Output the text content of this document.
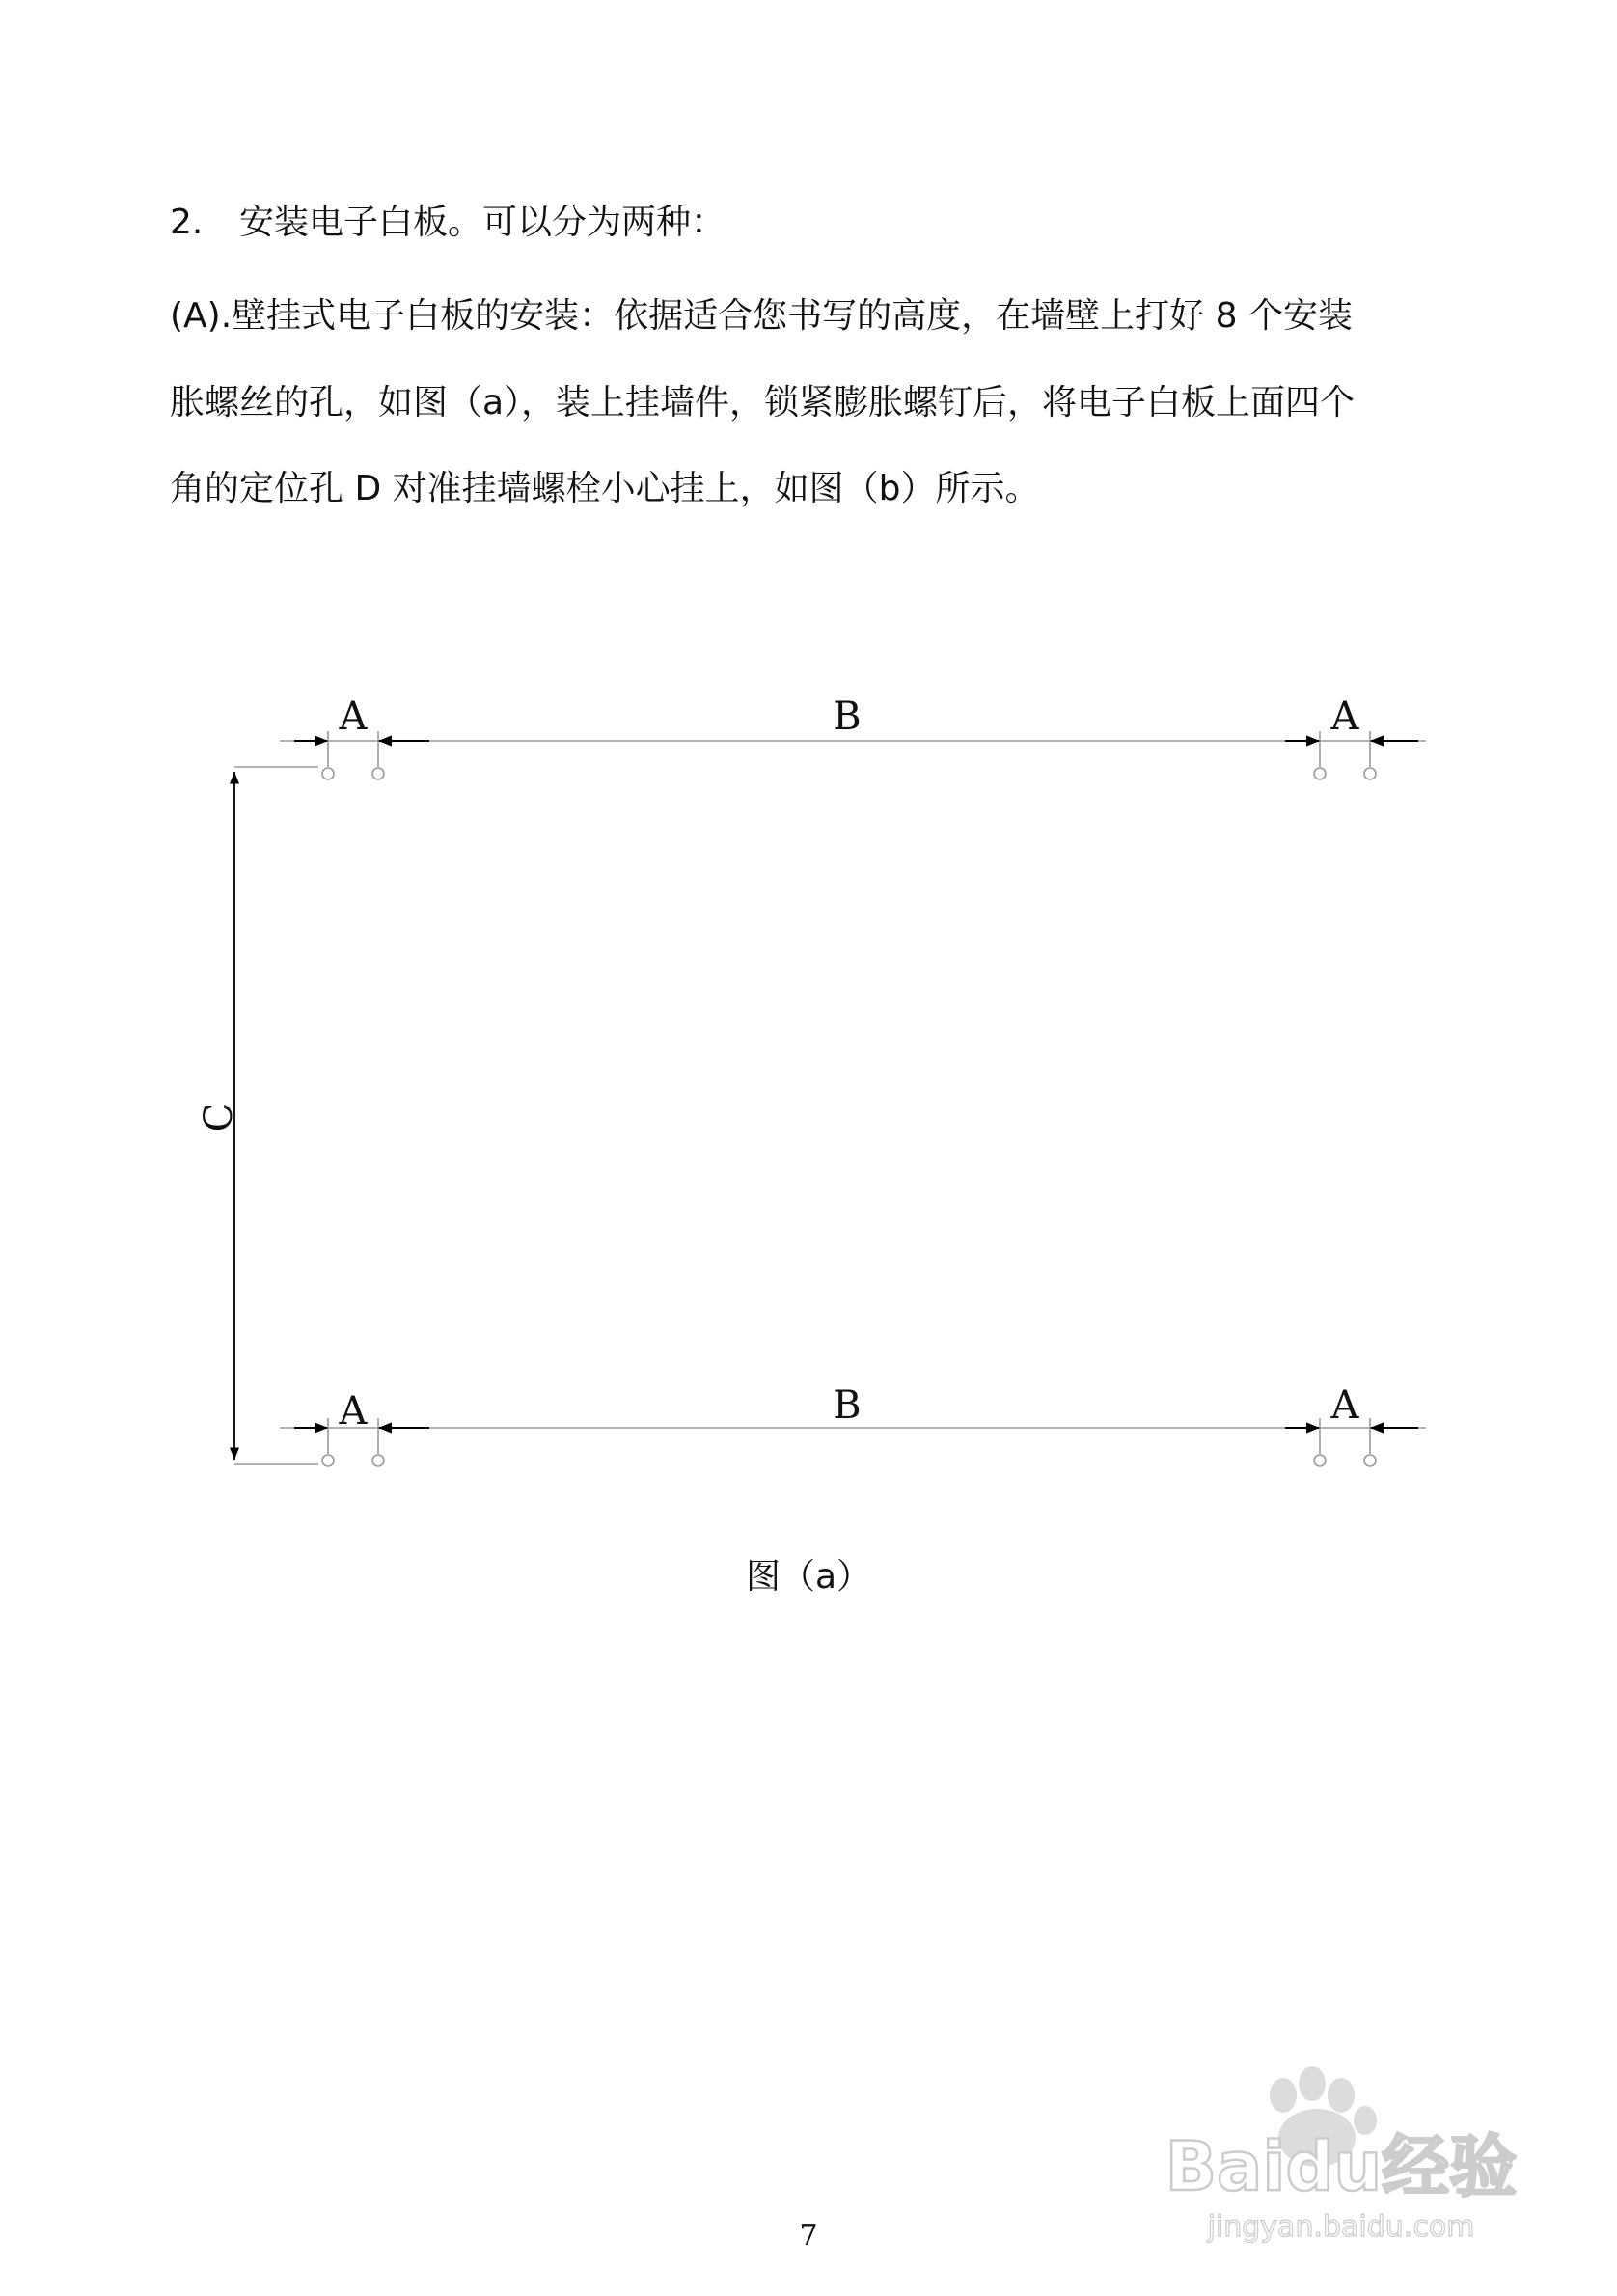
2. 安装电子白板。可以分为两种：
(A).壁挂式电子白板的安装：依据适合您书写的高度，在墙壁上打好 8 个安装
胀螺丝的孔，如图（a），装上挂墙件，锁紧膨胀螺钉后，将电子白板上面四个
角的定位孔 D 对准挂墙螺栓小心挂上，如图（b）所示。
A	B	A
A	B	A
C
图（a）
7
Baidu经验
jingyan.baidu.com
